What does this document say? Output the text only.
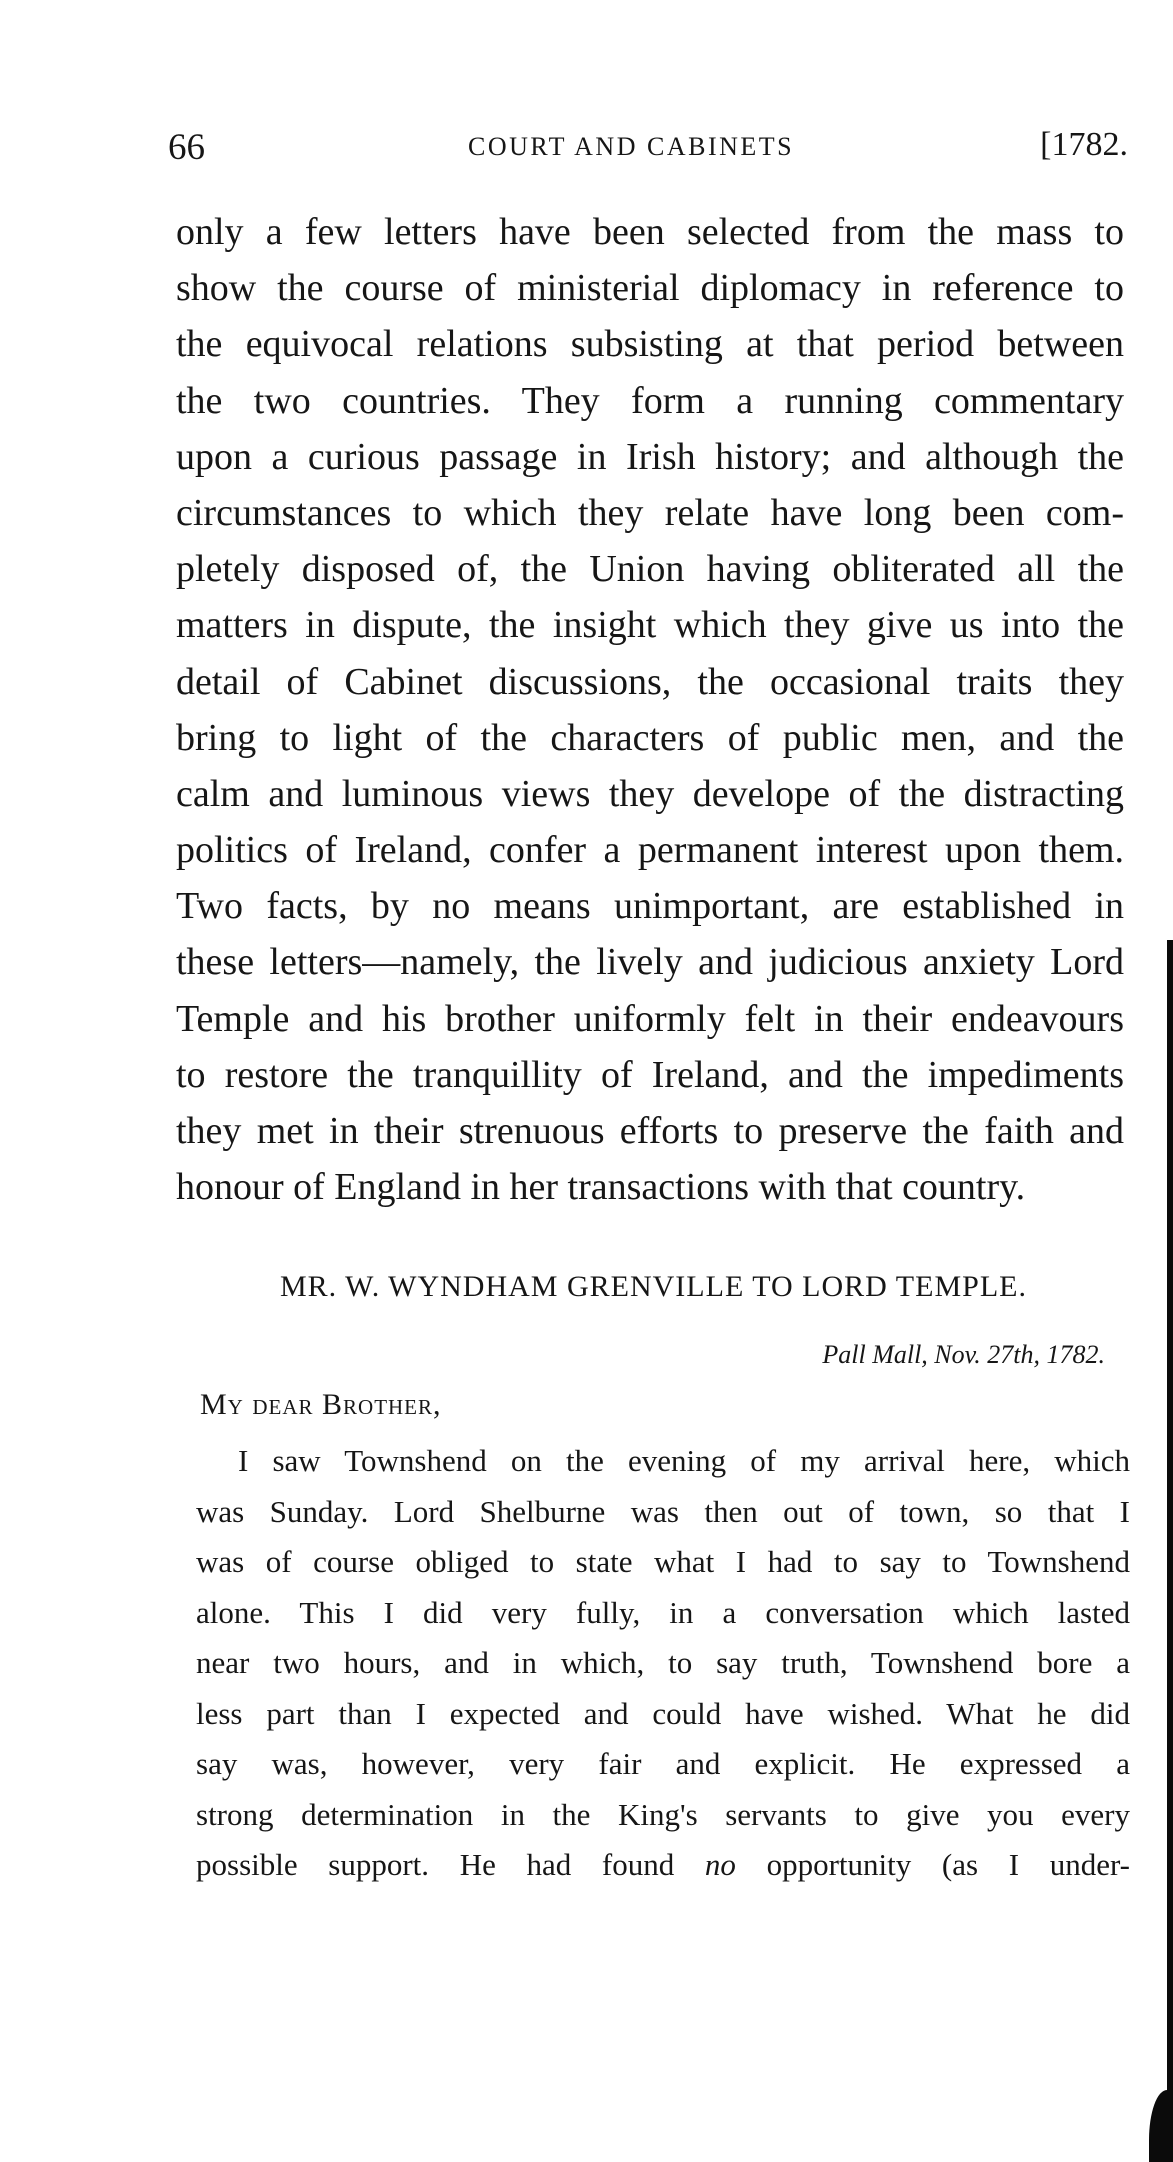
66	COURT AND CABINETS	[1782.
only a few letters have been selected from the mass to
show the course of ministerial diplomacy in reference to
the equivocal relations subsisting at that period between
the two countries. They form a running commentary
upon a curious passage in Irish history; and although the
circumstances to which they relate have long been com-
pletely disposed of, the Union having obliterated all the
matters in dispute, the insight which they give us into the
detail of Cabinet discussions, the occasional traits they
bring to light of the characters of public men, and the
calm and luminous views they develope of the distracting
politics of Ireland, confer a permanent interest upon them.
Two facts, by no means unimportant, are established in
these letters—namely, the lively and judicious anxiety Lord
Temple and his brother uniformly felt in their endeavours
to restore the tranquillity of Ireland, and the impediments
they met in their strenuous efforts to preserve the faith and
honour of England in her transactions with that country.
MR. W. WYNDHAM GRENVILLE TO LORD TEMPLE.
Pall Mall, Nov. 27th, 1782.
My dear Brother,
I saw Townshend on the evening of my arrival here, which
was Sunday. Lord Shelburne was then out of town, so that I
was of course obliged to state what I had to say to Townshend
alone. This I did very fully, in a conversation which lasted
near two hours, and in which, to say truth, Townshend bore a
less part than I expected and could have wished. What he did
say was, however, very fair and explicit. He expressed a
strong determination in the King's servants to give you every
possible support. He had found no opportunity (as I under-
